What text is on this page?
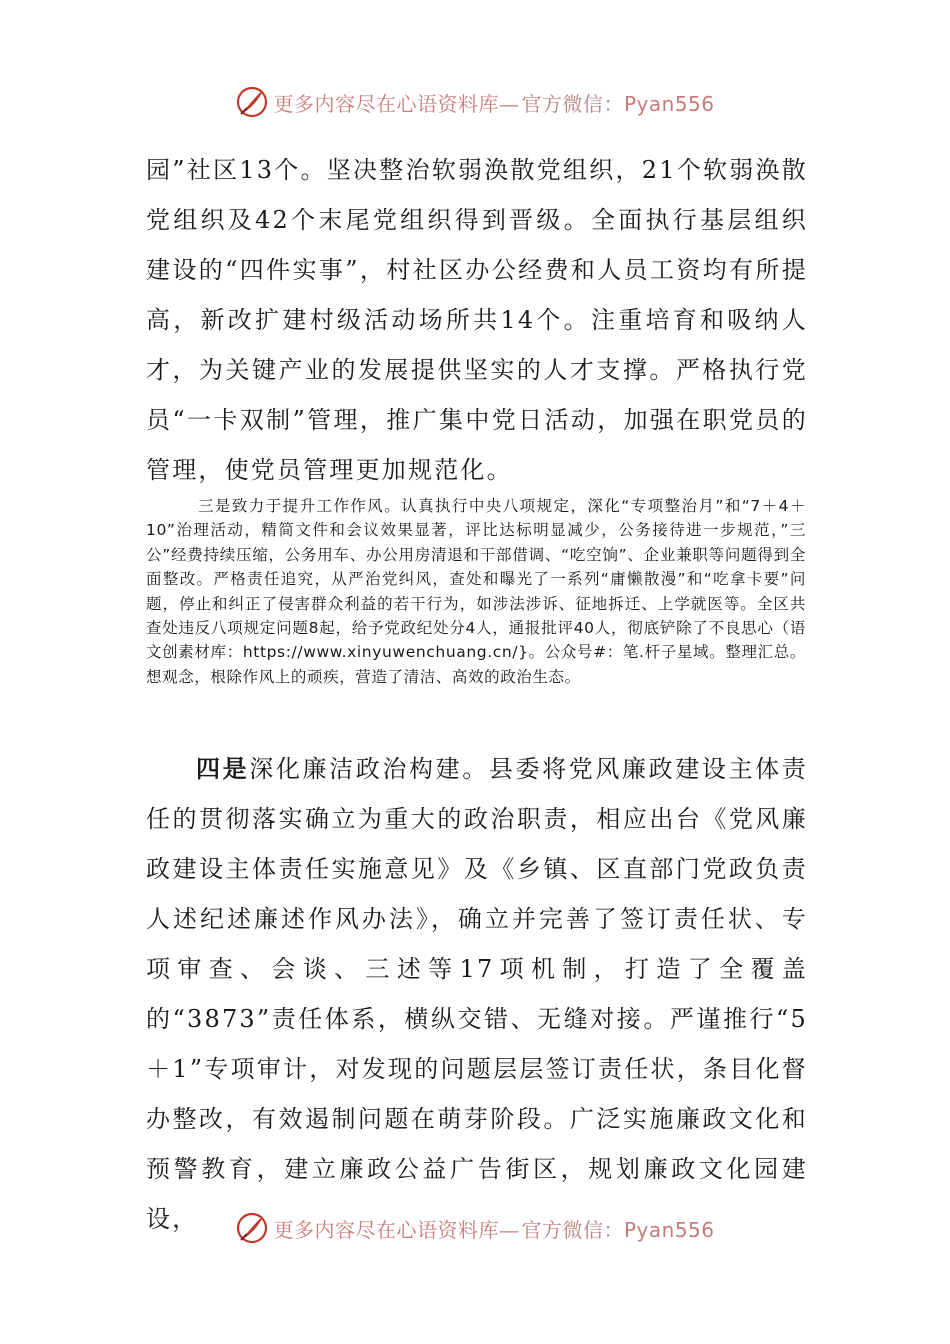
更多内容尽在心语资料库— 官方微信：Pyan556

园”社区13个。坚决整治软弱涣散党组织，21个软弱涣散党组织及42个末尾党组织得到晋级。全面执行基层组织建设的“四件实事”，村社区办公经费和人员工资均有所提高，新改扩建村级活动场所共14个。注重培育和吸纳人才，为关键产业的发展提供坚实的人才支撑。严格执行党员“一卡双制”管理，推广集中党日活动，加强在职党员的管理，使党员管理更加规范化。

三是致力于提升工作作风。认真执行中央八项规定，深化“专项整治月”和“7＋4＋10”治理活动，精简文件和会议效果显著，评比达标明显减少，公务接待进一步规范，”三公”经费持续压缩，公务用车、办公用房清退和干部借调、“吃空饷”、企业兼职等问题得到全面整改。严格责任追究，从严治党纠风，查处和曝光了一系列“庸懒散漫”和“吃拿卡要”问题，停止和纠正了侵害群众利益的若干行为，如涉法涉诉、征地拆迁、上学就医等。全区共查处违反八项规定问题8起，给予党政纪处分4人，通报批评40人，彻底铲除了不良思心（语文创素材库：https://www.xinyuwenchuang.cn/}。公众号#：笔.杆子星域。整理汇总。想观念，根除作风上的顽疾，营造了清洁、高效的政治生态。

四是深化廉洁政治构建。县委将党风廉政建设主体责任的贯彻落实确立为重大的政治职责，相应出台《党风廉政建设主体责任实施意见》及《乡镇、区直部门党政负责人述纪述廉述作风办法》，确立并完善了签订责任状、专项审查、会谈、三述等17项机制，打造了全覆盖的“3873”责任体系，横纵交错、无缝对接。严谨推行“5＋1”专项审计，对发现的问题层层签订责任状，条目化督办整改，有效遏制问题在萌芽阶段。广泛实施廉政文化和预警教育，建立廉政公益广告街区，规划廉政文化园建设，	更多内容尽在心语资料库— 官方微信：Pyan556
